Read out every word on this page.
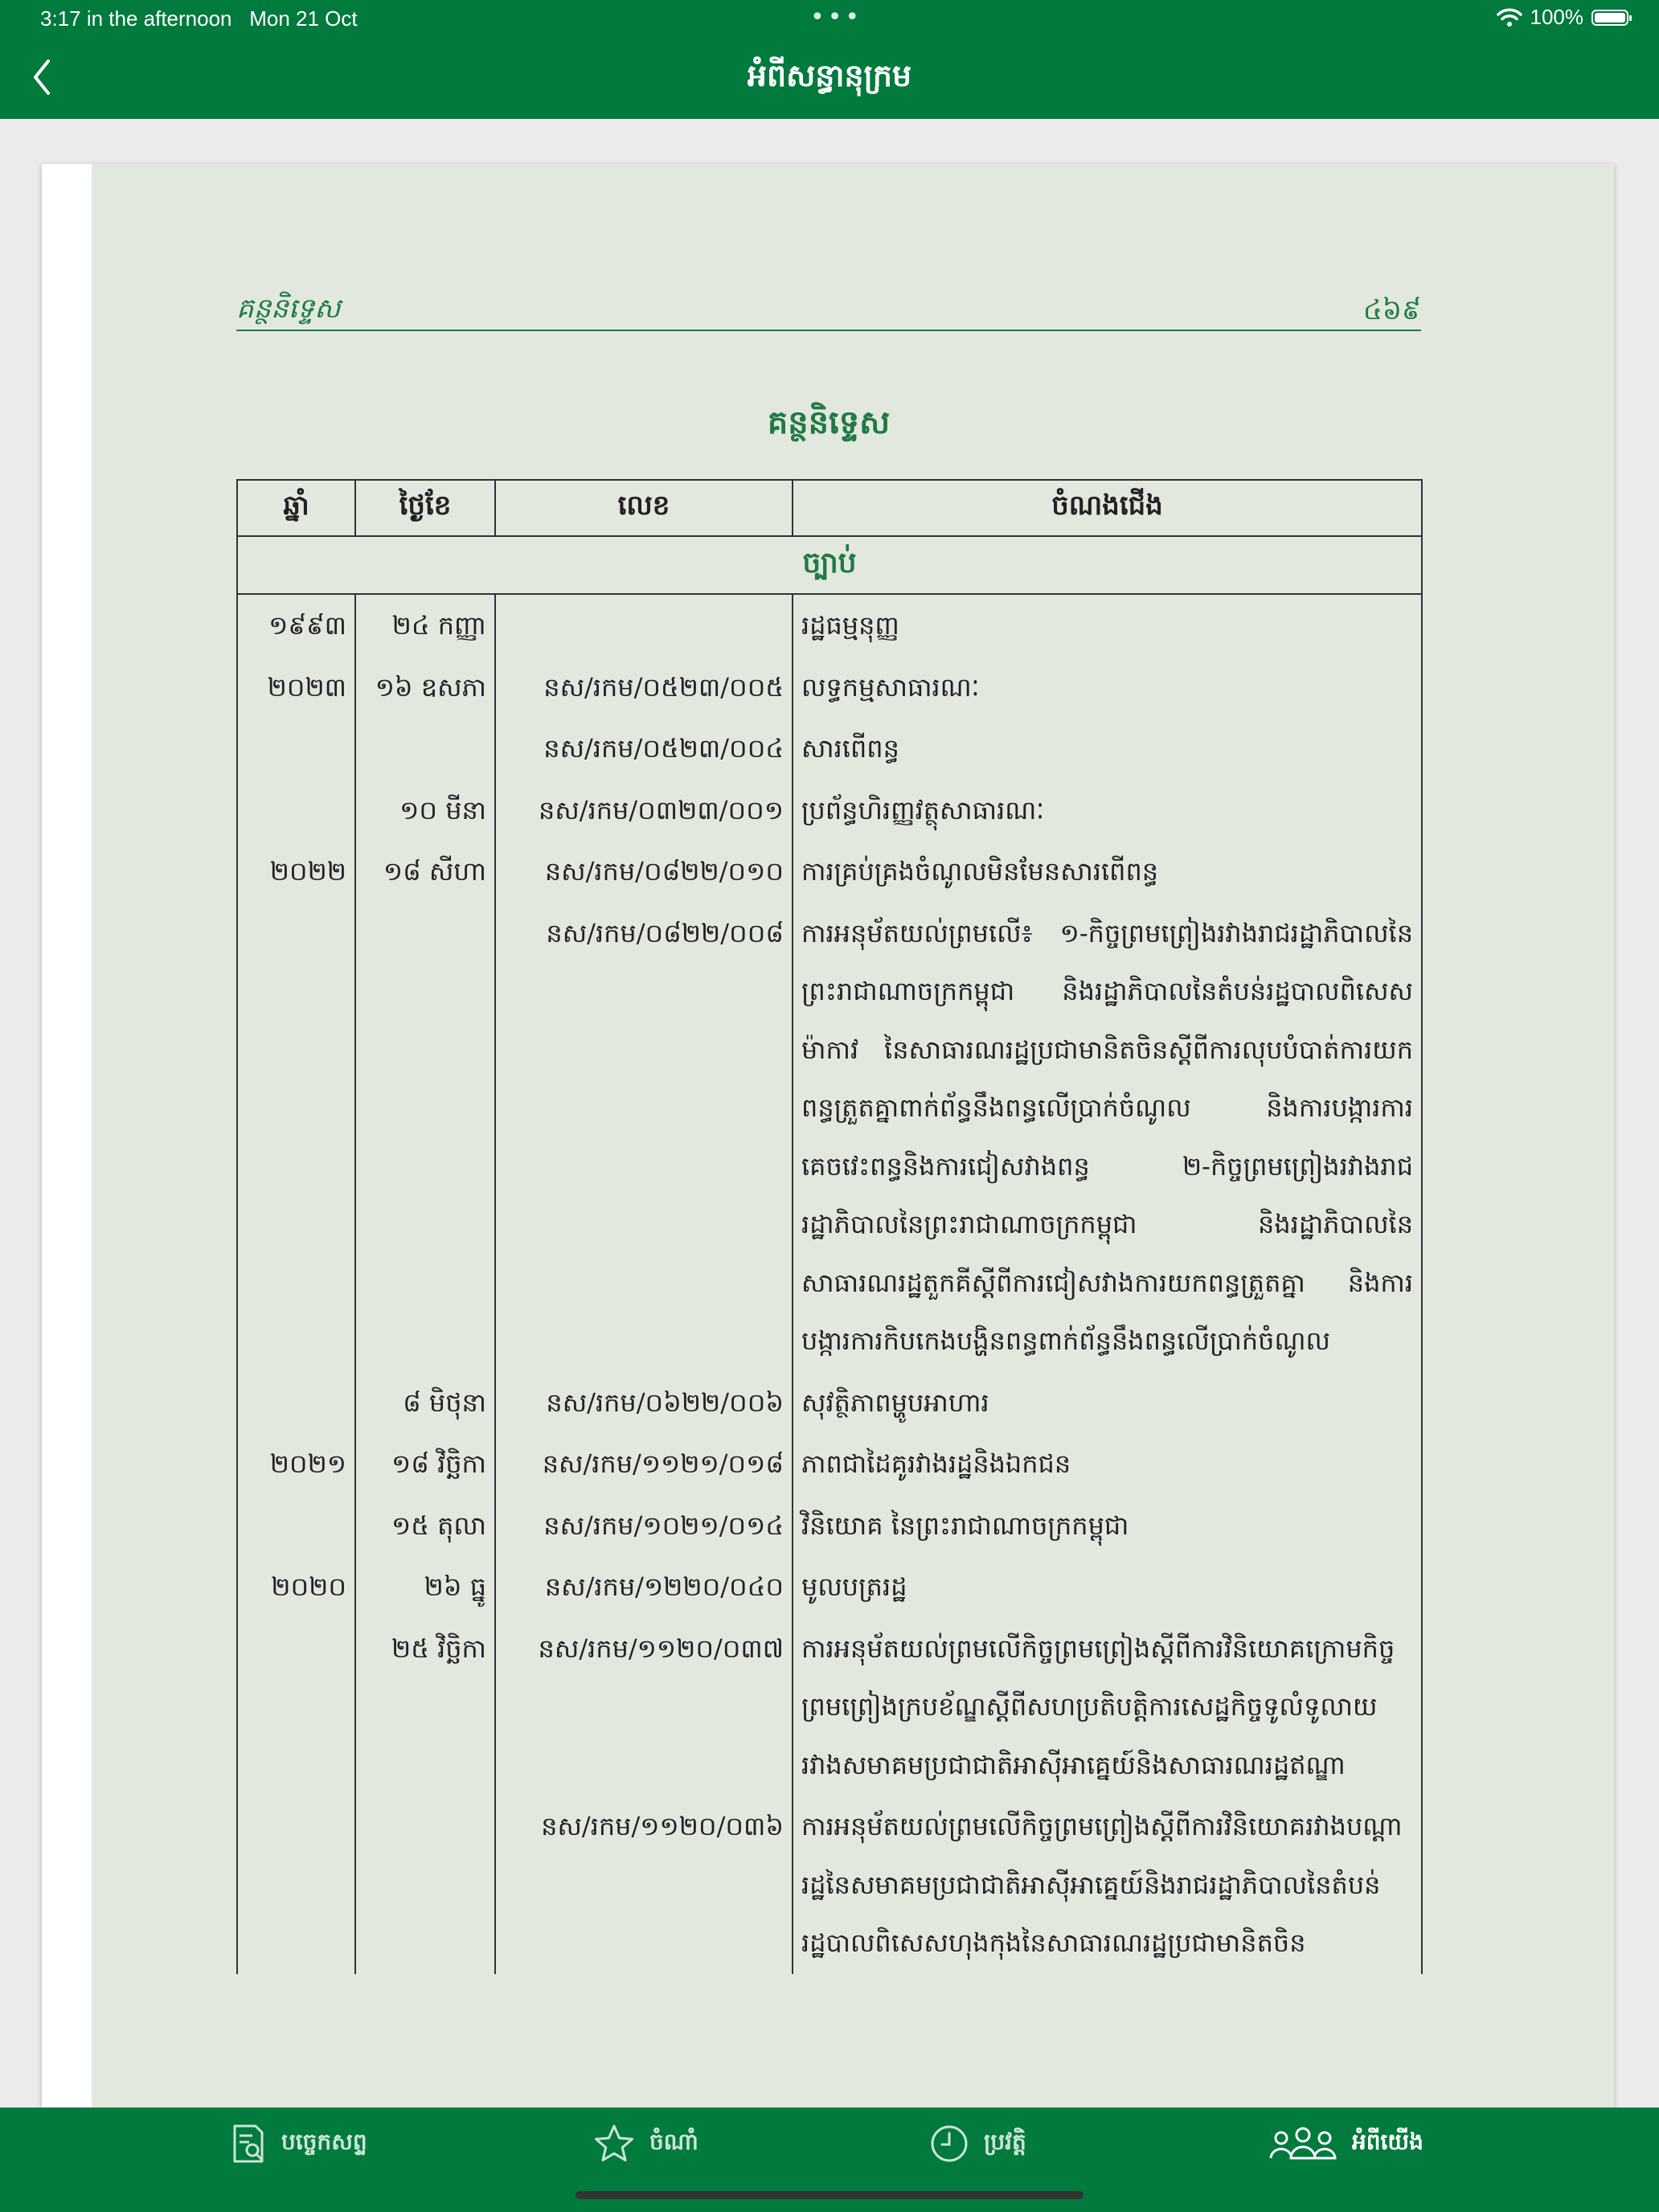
3:17 in the afternoon Mon 21 Oct	•••	100%
អំពីសន្ធានុក្រម
គន្ថនិទ្ទេស	៤៦៩
គន្ថនិទ្ទេស
ឆ្នាំ	ថ្ងៃខែ	លេខ	ចំណងជើង
ច្បាប់			
១៩៩៣	២៤ កញ្ញា		រដ្ឋធម្មនុញ្ញ
២០២៣	១៦ ឧសភា	នស/រកម/០៥២៣/០០៥	លទ្ធកម្មសាធារណៈ
		នស/រកម/០៥២៣/០០៤	សារពើពន្ធ
	១០ មីនា	នស/រកម/០៣២៣/០០១	ប្រព័ន្ធហិរញ្ញវត្ថុសាធារណៈ
២០២២	១៨ សីហា	នស/រកម/០៨២២/០១០	ការគ្រប់គ្រងចំណូលមិនមែនសារពើពន្ធ
		នស/រកម/០៨២២/០០៨	ការអនុម័តយល់ព្រមលើ៖ ១-កិច្ចព្រមព្រៀងរវាងរាជរដ្ឋាភិបាលនៃព្រះរាជាណាចក្រកម្ពុជា និងរដ្ឋាភិបាលនៃតំបន់រដ្ឋបាលពិសេសម៉ាកាវ នៃសាធារណរដ្ឋប្រជាមានិតចិនស្ដីពីការលុបបំបាត់ការយកពន្ធត្រួតគ្នាពាក់ព័ន្ធនឹងពន្ធលើប្រាក់ចំណូល និងការបង្ការការគេចវេះពន្ធនិងការជៀសវាងពន្ធ ២-កិច្ចព្រមព្រៀងរវាងរាជរដ្ឋាភិបាលនៃព្រះរាជាណាចក្រកម្ពុជា និងរដ្ឋាភិបាលនៃសាធារណរដ្ឋតួកគីស្ដីពីការជៀសវាងការយកពន្ធត្រួតគ្នា និងការបង្ការការកិបកេងបង្ហិនពន្ធពាក់ព័ន្ធនឹងពន្ធលើប្រាក់ចំណូល
	៨ មិថុនា	នស/រកម/០៦២២/០០៦	សុវត្ថិភាពម្ហូបអាហារ
២០២១	១៨ វិច្ឆិកា	នស/រកម/១១២១/០១៨	ភាពជាដៃគូរវាងរដ្ឋនិងឯកជន
	១៥ តុលា	នស/រកម/១០២១/០១៤	វិនិយោគ នៃព្រះរាជាណាចក្រកម្ពុជា
២០២០	២៦ ធ្នូ	នស/រកម/១២២០/០៤០	មូលបត្ររដ្ឋ
	២៥ វិច្ឆិកា	នស/រកម/១១២០/០៣៧	ការអនុម័តយល់ព្រមលើកិច្ចព្រមព្រៀងស្ដីពីការវិនិយោគក្រោមកិច្ចព្រមព្រៀងក្របខ័ណ្ឌស្ដីពីសហប្រតិបត្តិការសេដ្ឋកិច្ចទូលំទូលាយរវាងសមាគមប្រជាជាតិអាស៊ីអាគ្នេយ៍និងសាធារណរដ្ឋឥណ្ឌា
		នស/រកម/១១២០/០៣៦	ការអនុម័តយល់ព្រមលើកិច្ចព្រមព្រៀងស្ដីពីការវិនិយោគរវាងបណ្ដារដ្ឋនៃសមាគមប្រជាជាតិអាស៊ីអាគ្នេយ៍និងរាជរដ្ឋាភិបាលនៃតំបន់រដ្ឋបាលពិសេសហុងកុងនៃសាធារណរដ្ឋប្រជាមានិតចិន
បច្ចេកសព្ទ	ចំណាំ	ប្រវត្តិ	អំពីយើង
